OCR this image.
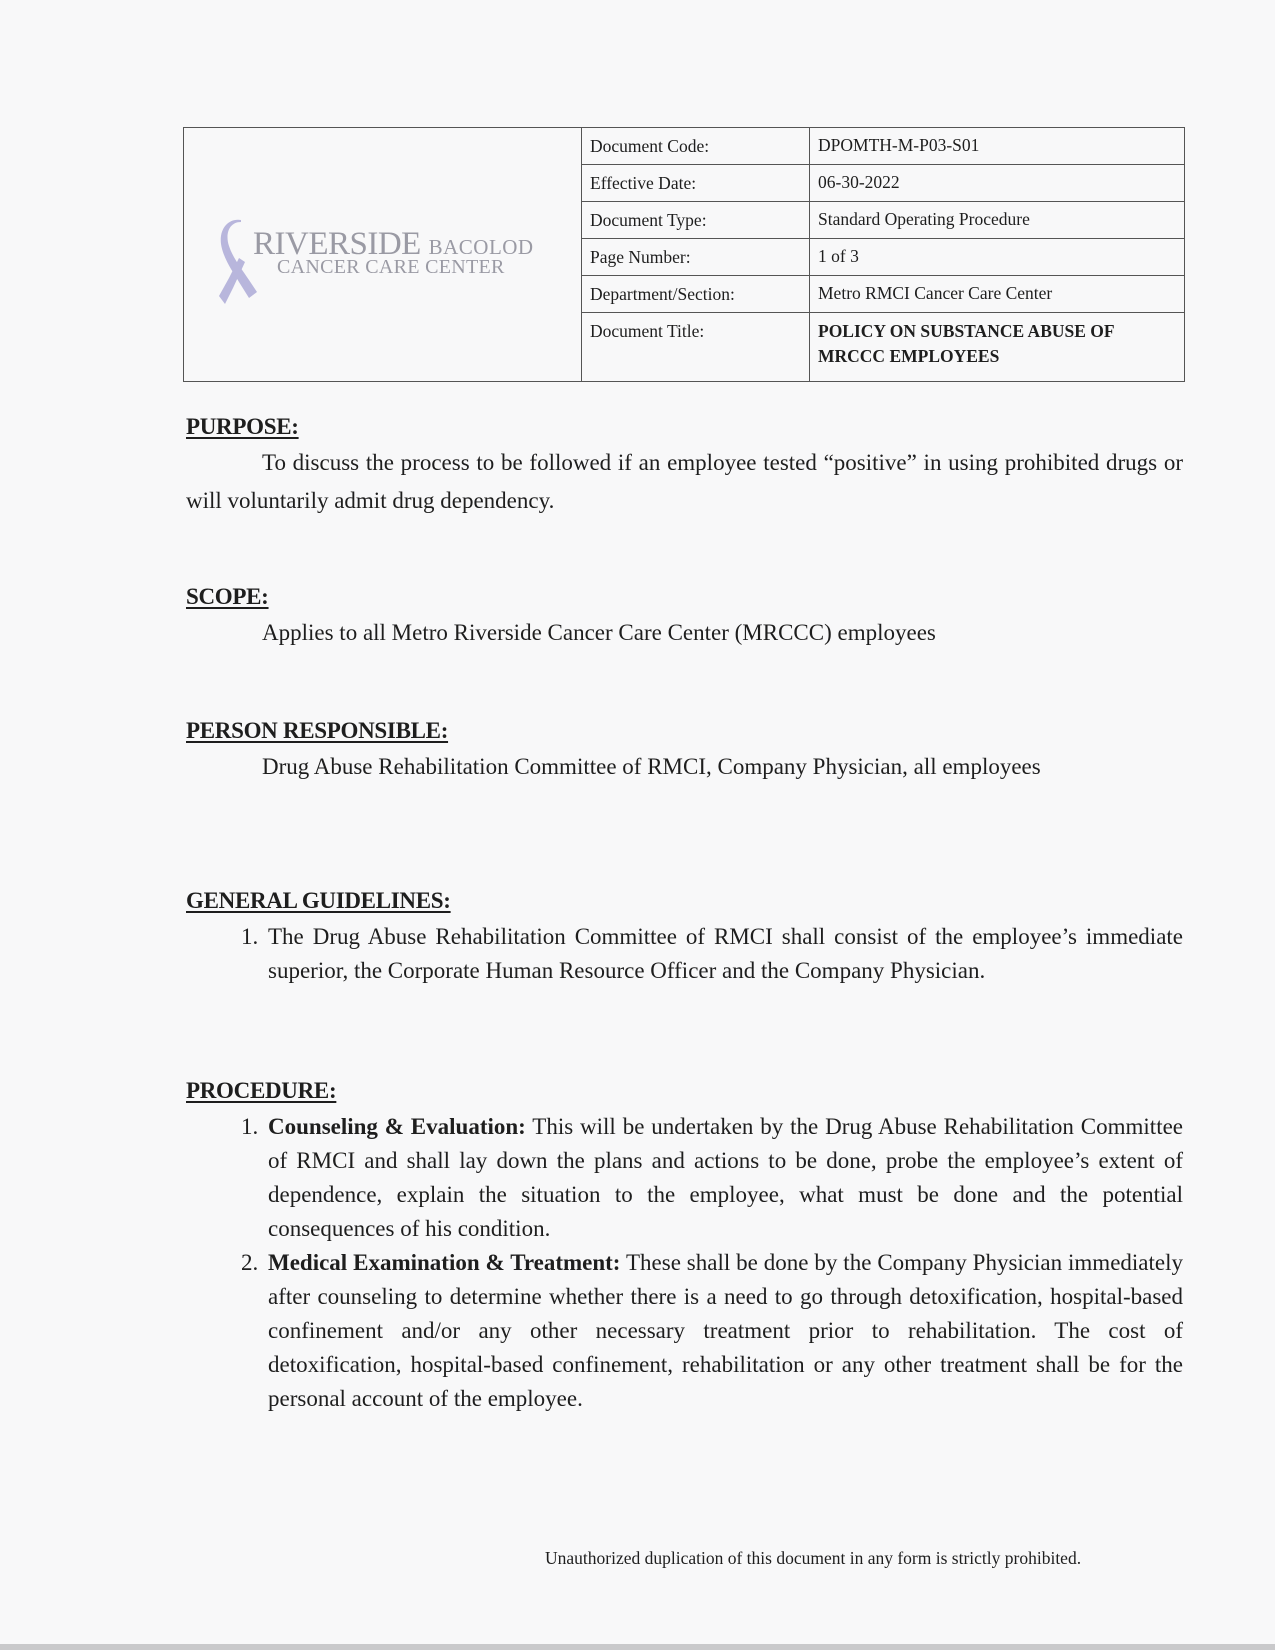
RIVERSIDE BACOLOD
CANCER CARE CENTER
Document Code:	DPOMTH-M-P03-S01
Effective Date:	06-30-2022
Document Type:	Standard Operating Procedure
Page Number:	1 of 3
Department/Section:	Metro RMCI Cancer Care Center
Document Title:	POLICY ON SUBSTANCE ABUSE OF MRCCC EMPLOYEES
PURPOSE:

To discuss the process to be followed if an employee tested “positive” in using prohibited drugs or will voluntarily admit drug dependency.

SCOPE:

Applies to all Metro Riverside Cancer Care Center (MRCCC) employees

PERSON RESPONSIBLE:

Drug Abuse Rehabilitation Committee of RMCI, Company Physician, all employees

GENERAL GUIDELINES:
1. The Drug Abuse Rehabilitation Committee of RMCI shall consist of the employee’s immediate superior, the Corporate Human Resource Officer and the Company Physician.
PROCEDURE:
1. Counseling & Evaluation: This will be undertaken by the Drug Abuse Rehabilitation Committee of RMCI and shall lay down the plans and actions to be done, probe the employee’s extent of dependence, explain the situation to the employee, what must be done and the potential consequences of his condition.
2. Medical Examination & Treatment: These shall be done by the Company Physician immediately after counseling to determine whether there is a need to go through detoxification, hospital-based confinement and/or any other necessary treatment prior to rehabilitation. The cost of detoxification, hospital-based confinement, rehabilitation or any other treatment shall be for the personal account of the employee.
Unauthorized duplication of this document in any form is strictly prohibited.
